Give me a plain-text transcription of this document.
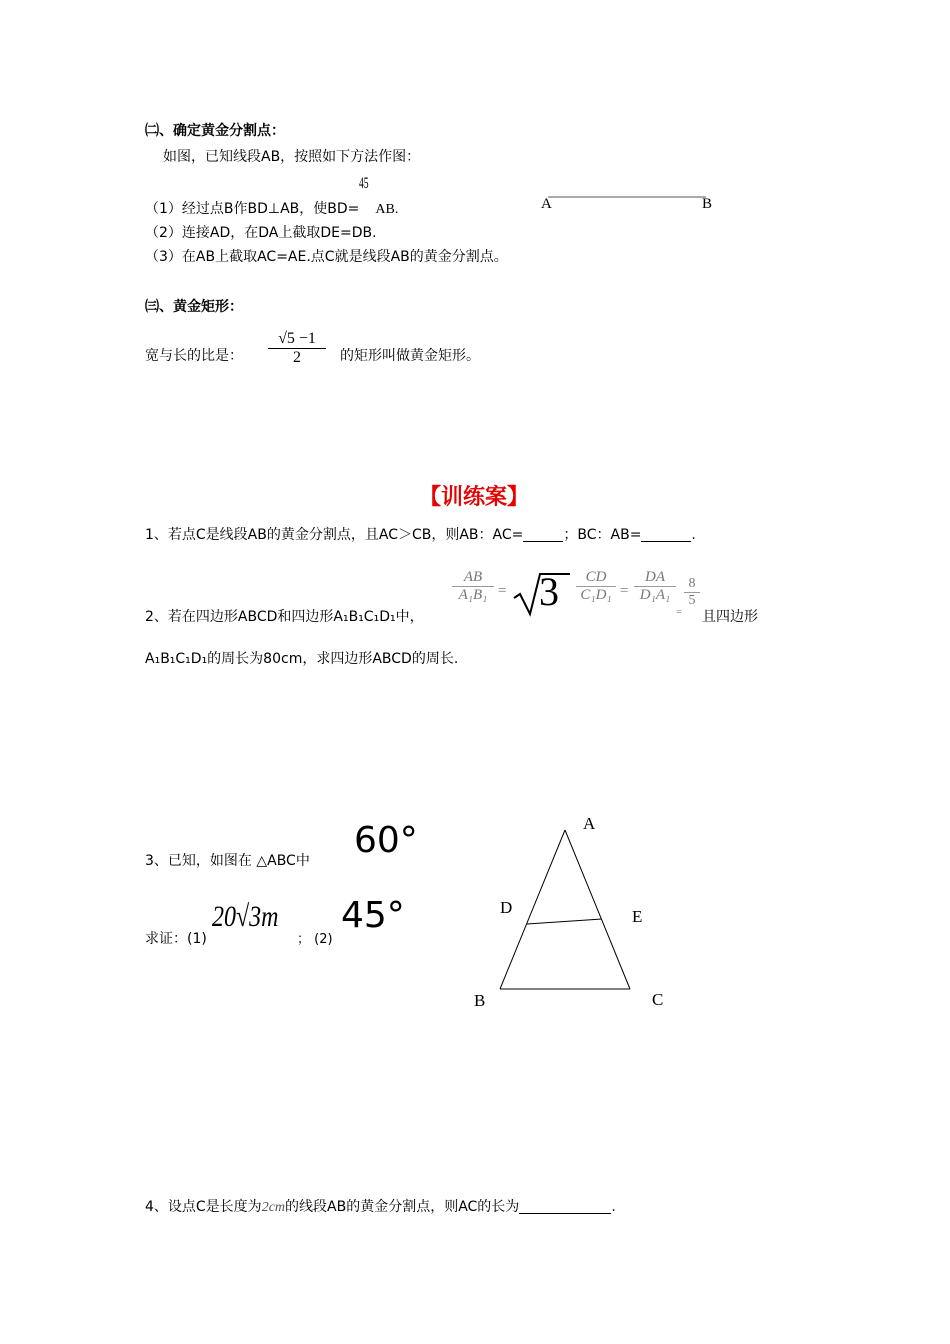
㈡、确定黄金分割点：
如图，已知线段AB，按照如下方法作图：
（1）经过点B作BD⊥AB，使BD=
45
AB.
（2）连接AD，在DA上截取DE=DB.
（3）在AB上截取AC=AE.点C就是线段AB的黄金分割点。
A	B
㈢、黄金矩形：
宽与长的比是：
√5 −1
2	的矩形叫做黄金矩形。
【训练案】
1、若点C是线段AB的黄金分割点，且AC＞CB，则AB：AC=	；BC：AB=	.
2、若在四边形ABCD和四边形A₁B₁C₁D₁中，
AB
A₁B₁ = 3	CD
C₁D₁ =
DA
D₁A₁
=
8
5
且四边形
A₁B₁C₁D₁的周长为80cm，求四边形ABCD的周长.
3、已知，如图在 △ABC中 60°
求证：(1)
20√3m
； (2)
45°
A
D	E
B	C
4、设点C是长度为2cm的线段AB的黄金分割点，则AC的长为	.
